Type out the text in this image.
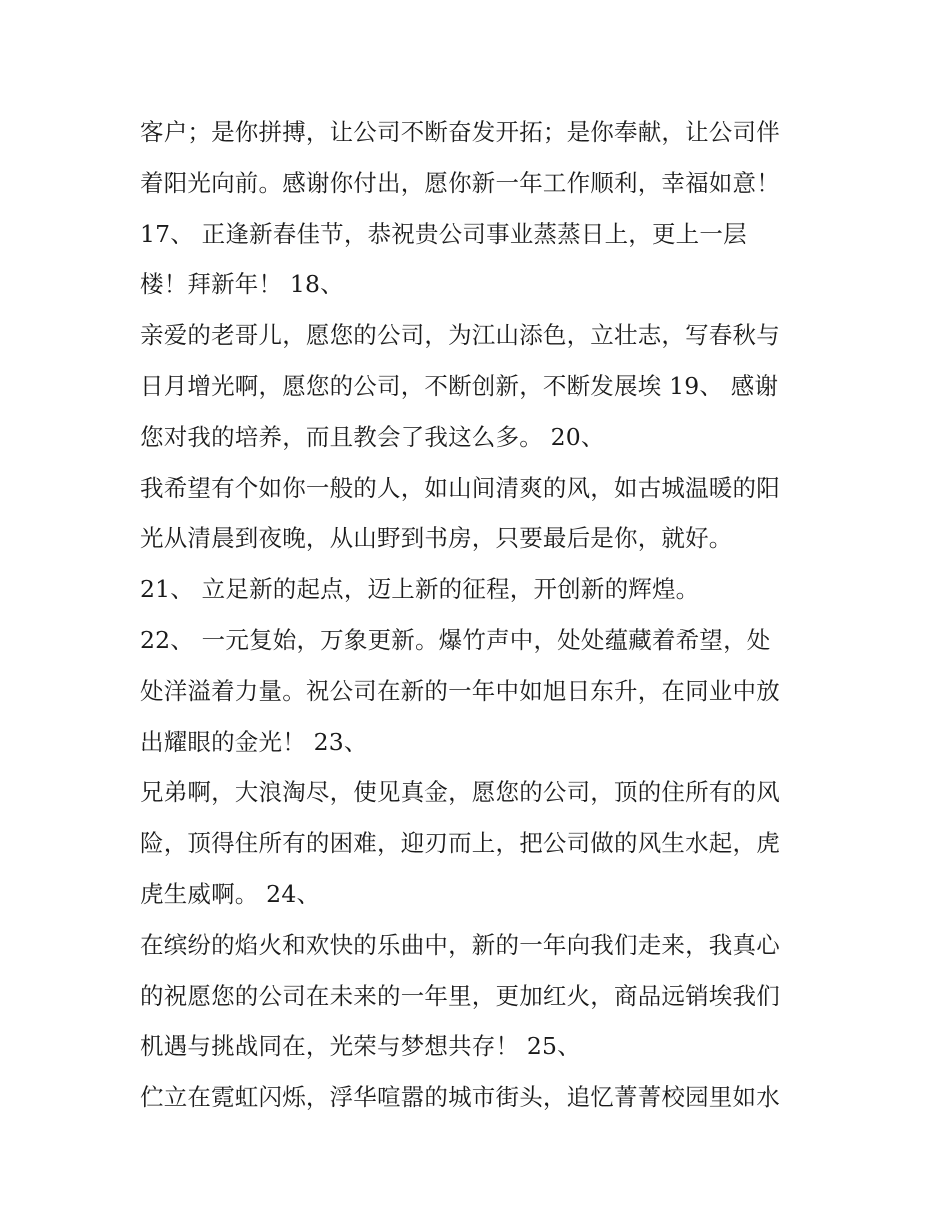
客户；是你拼搏，让公司不断奋发开拓；是你奉献，让公司伴
着阳光向前。感谢你付出，愿你新一年工作顺利，幸福如意！
17、 正逢新春佳节，恭祝贵公司事业蒸蒸日上，更上一层
楼！拜新年！ 18、
亲爱的老哥儿，愿您的公司，为江山添色，立壮志，写春秋与
日月增光啊，愿您的公司，不断创新，不断发展埃 19、 感谢
您对我的培养，而且教会了我这么多。 20、
我希望有个如你一般的人，如山间清爽的风，如古城温暖的阳
光从清晨到夜晚，从山野到书房，只要最后是你，就好。
21、 立足新的起点，迈上新的征程，开创新的辉煌。
22、 一元复始，万象更新。爆竹声中，处处蕴藏着希望，处
处洋溢着力量。祝公司在新的一年中如旭日东升，在同业中放
出耀眼的金光！ 23、
兄弟啊，大浪淘尽，使见真金，愿您的公司，顶的住所有的风
险，顶得住所有的困难，迎刃而上，把公司做的风生水起，虎
虎生威啊。 24、
在缤纷的焰火和欢快的乐曲中，新的一年向我们走来，我真心
的祝愿您的公司在未来的一年里，更加红火，商品远销埃我们
机遇与挑战同在，光荣与梦想共存！ 25、
伫立在霓虹闪烁，浮华喧嚣的城市街头，追忆菁菁校园里如水
